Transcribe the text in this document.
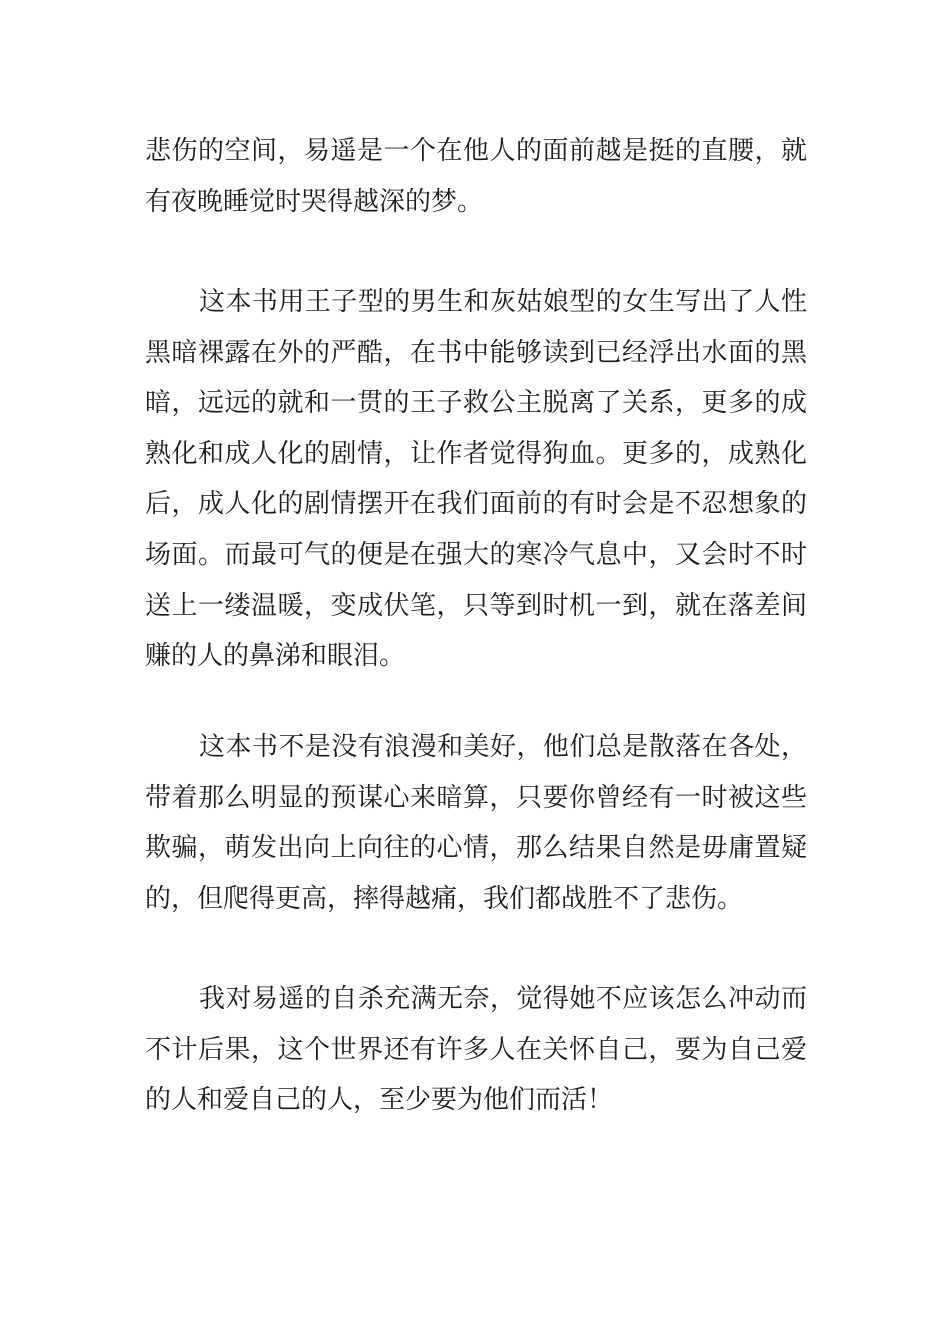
悲伤的空间，易遥是一个在他人的面前越是挺的直腰，就
有夜晚睡觉时哭得越深的梦。
这本书用王子型的男生和灰姑娘型的女生写出了人性
黑暗裸露在外的严酷，在书中能够读到已经浮出水面的黑
暗，远远的就和一贯的王子救公主脱离了关系，更多的成
熟化和成人化的剧情，让作者觉得狗血。更多的，成熟化
后，成人化的剧情摆开在我们面前的有时会是不忍想象的
场面。而最可气的便是在强大的寒冷气息中，又会时不时
送上一缕温暖，变成伏笔，只等到时机一到，就在落差间
赚的人的鼻涕和眼泪。
这本书不是没有浪漫和美好，他们总是散落在各处，
带着那么明显的预谋心来暗算，只要你曾经有一时被这些
欺骗，萌发出向上向往的心情，那么结果自然是毋庸置疑
的，但爬得更高，摔得越痛，我们都战胜不了悲伤。
我对易遥的自杀充满无奈，觉得她不应该怎么冲动而
不计后果，这个世界还有许多人在关怀自己，要为自己爱
的人和爱自己的人，至少要为他们而活！
